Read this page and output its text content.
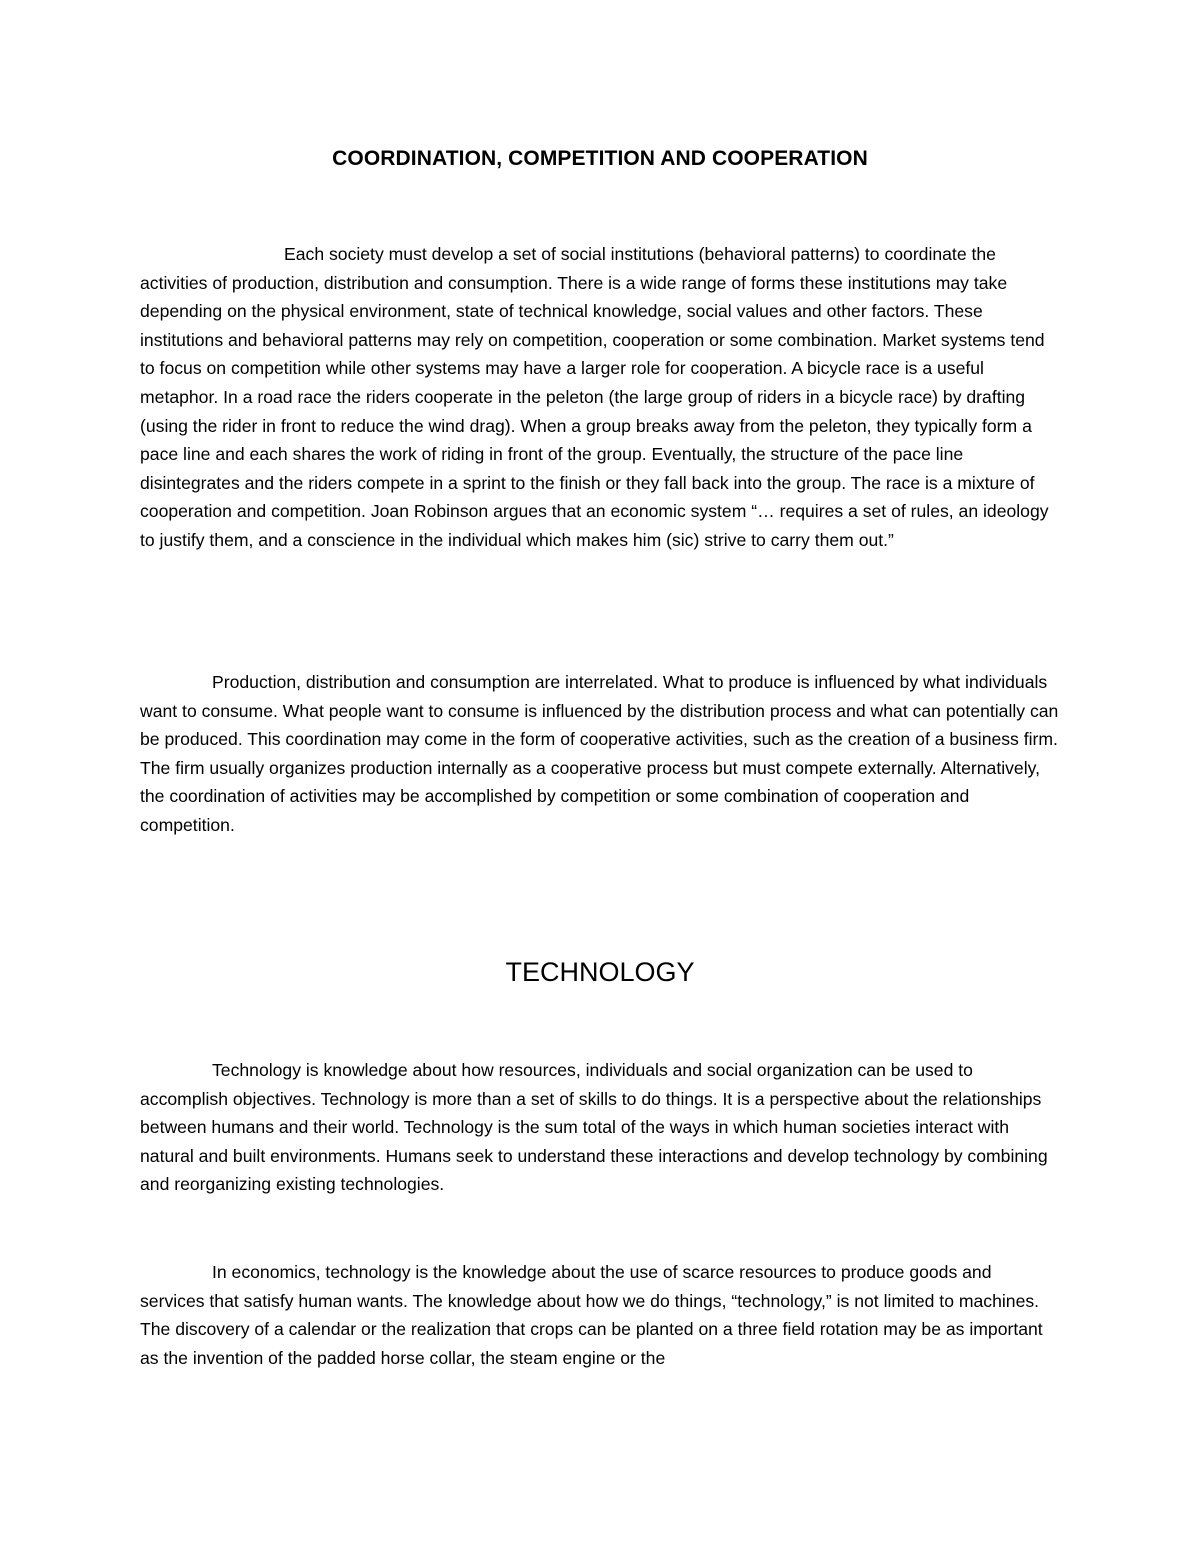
COORDINATION, COMPETITION AND COOPERATION

Each society must develop a set of social institutions (behavioral patterns) to coordinate the activities of production, distribution and consumption. There is a wide range of forms these institutions may take depending on the physical environment, state of technical knowledge, social values and other factors. These institutions and behavioral patterns may rely on competition, cooperation or some combination. Market systems tend to focus on competition while other systems may have a larger role for cooperation. A bicycle race is a useful metaphor. In a road race the riders cooperate in the peleton (the large group of riders in a bicycle race) by drafting (using the rider in front to reduce the wind drag). When a group breaks away from the peleton, they typically form a pace line and each shares the work of riding in front of the group. Eventually, the structure of the pace line disintegrates and the riders compete in a sprint to the finish or they fall back into the group. The race is a mixture of cooperation and competition. Joan Robinson argues that an economic system “… requires a set of rules, an ideology to justify them, and a conscience in the individual which makes him (sic) strive to carry them out.”

Production, distribution and consumption are interrelated. What to produce is influenced by what individuals want to consume. What people want to consume is influenced by the distribution process and what can potentially can be produced. This coordination may come in the form of cooperative activities, such as the creation of a business firm. The firm usually organizes production internally as a cooperative process but must compete externally. Alternatively, the coordination of activities may be accomplished by competition or some combination of cooperation and competition.

TECHNOLOGY

Technology is knowledge about how resources, individuals and social organization can be used to accomplish objectives. Technology is more than a set of skills to do things. It is a perspective about the relationships between humans and their world. Technology is the sum total of the ways in which human societies interact with natural and built environments. Humans seek to understand these interactions and develop technology by combining and reorganizing existing technologies.

In economics, technology is the knowledge about the use of scarce resources to produce goods and services that satisfy human wants. The knowledge about how we do things, “technology,” is not limited to machines. The discovery of a calendar or the realization that crops can be planted on a three field rotation may be as important as the invention of the padded horse collar, the steam engine or the
